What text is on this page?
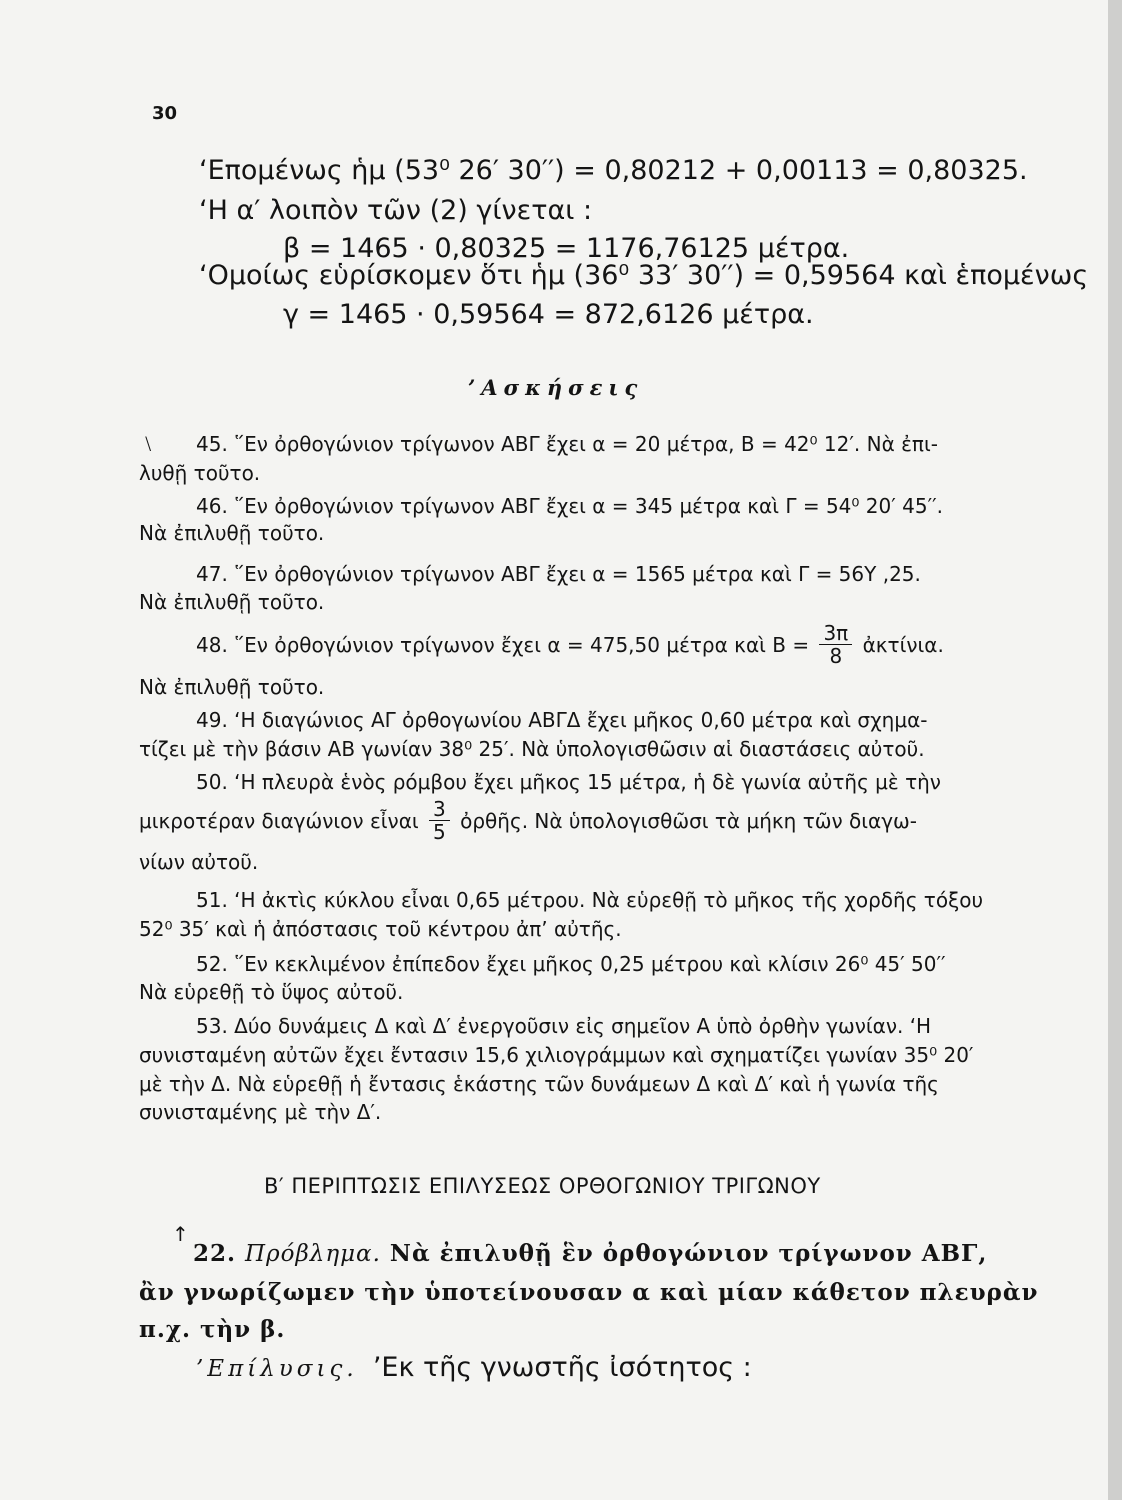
30
‘Επομένως ἡμ (53⁰ 26′ 30′′) = 0,80212 + 0,00113 = 0,80325.
‘Η α′ λοιπὸν τῶν (2) γίνεται :
β = 1465 · 0,80325 = 1176,76125 μέτρα.
‘Ομοίως εὑρίσκομεν ὅτι ἡμ (36⁰ 33′ 30′′) = 0,59564 καὶ ἑπομένως
γ = 1465 · 0,59564 = 872,6126 μέτρα.
’Ασκήσεις
⧵ 45. ῞Εν ὀρθογώνιον τρίγωνον ΑΒΓ ἔχει α = 20 μέτρα, Β = 42⁰ 12′. Νὰ ἐπι-
λυθῇ τοῦτο.
46. ῞Εν ὀρθογώνιον τρίγωνον ΑΒΓ ἔχει α = 345 μέτρα καὶ Γ = 54⁰ 20′ 45′′.
Νὰ ἐπιλυθῇ τοῦτο.
47. ῞Εν ὀρθογώνιον τρίγωνον ΑΒΓ ἔχει α = 1565 μέτρα καὶ Γ = 56Υ ,25.
Νὰ ἐπιλυθῇ τοῦτο.
48. ῞Εν ὀρθογώνιον τρίγωνον ἔχει α = 475,50 μέτρα καὶ $B = \frac{3\pi}{8}$ ἀκτίνια.
Νὰ ἐπιλυθῇ τοῦτο.
49. ‘Η διαγώνιος ΑΓ ὀρθογωνίου ΑΒΓΔ ἔχει μῆκος 0,60 μέτρα καὶ σχημα-
τίζει μὲ τὴν βάσιν ΑΒ γωνίαν 38⁰ 25′. Νὰ ὑπολογισθῶσιν αἱ διαστάσεις αὐτοῦ.
50. ‘Η πλευρὰ ἑνὸς ρόμβου ἔχει μῆκος 15 μέτρα, ἡ δὲ γωνία αὐτῆς μὲ τὴν
μικροτέραν διαγώνιον εἶναι $\frac{3}{5}$ ὀρθῆς. Νὰ ὑπολογισθῶσι τὰ μήκη τῶν διαγω-
νίων αὐτοῦ.
51. ‘Η ἀκτὶς κύκλου εἶναι 0,65 μέτρου. Νὰ εὑρεθῇ τὸ μῆκος τῆς χορδῆς τόξου
52⁰ 35′ καὶ ἡ ἀπόστασις τοῦ κέντρου ἀπ’ αὐτῆς.
52. ῞Εν κεκλιμένον ἐπίπεδον ἔχει μῆκος 0,25 μέτρου καὶ κλίσιν 26⁰ 45′ 50′′
Νὰ εὑρεθῇ τὸ ὕψος αὐτοῦ.
53. Δύο δυνάμεις Δ καὶ Δ′ ἐνεργοῦσιν εἰς σημεῖον Α ὑπὸ ὀρθὴν γωνίαν. ‘Η
συνισταμένη αὐτῶν ἔχει ἔντασιν 15,6 χιλιογράμμων καὶ σχηματίζει γωνίαν 35⁰ 20′
μὲ τὴν Δ. Νὰ εὑρεθῇ ἡ ἔντασις ἑκάστης τῶν δυνάμεων Δ καὶ Δ′ καὶ ἡ γωνία τῆς
συνισταμένης μὲ τὴν Δ′.
Β′ ΠΕΡΙΠΤΩΣΙΣ ΕΠΙΛΥΣΕΩΣ ΟΡΘΟΓΩΝΙΟΥ ΤΡΙΓΩΝΟΥ
↑
22. Πρόβλημα. Νὰ ἐπιλυθῇ ἓν ὀρθογώνιον τρίγωνον ΑΒΓ,
ἂν γνωρίζωμεν τὴν ὑποτείνουσαν α καὶ μίαν κάθετον πλευρὰν
π.χ. τὴν β.
’Επίλυσις. ’Εκ τῆς γνωστῆς ἰσότητος :
